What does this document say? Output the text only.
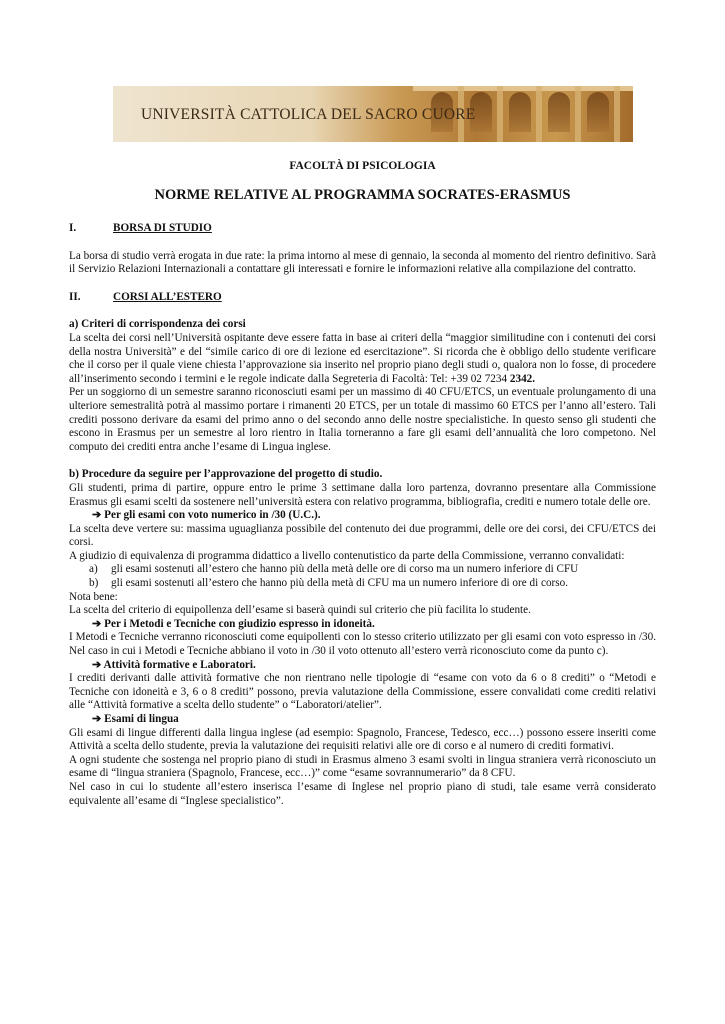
UNIVERSITÀ CATTOLICA DEL SACRO CUORE
FACOLTÀ DI PSICOLOGIA
NORME RELATIVE AL PROGRAMMA SOCRATES-ERASMUS
I.	BORSA DI STUDIO

La borsa di studio verrà erogata in due rate: la prima intorno al mese di gennaio, la seconda al momento del rientro definitivo. Sarà il Servizio Relazioni Internazionali a contattare gli interessati e fornire le informazioni relative alla compilazione del contratto.

II.	CORSI ALL’ESTERO
a) Criteri di corrispondenza dei corsi

La scelta dei corsi nell’Università ospitante deve essere fatta in base ai criteri della “maggior similitudine con i contenuti dei corsi della nostra Università” e del “simile carico di ore di lezione ed esercitazione”. Si ricorda che è obbligo dello studente verificare che il corso per il quale viene chiesta l’approvazione sia inserito nel proprio piano degli studi o, qualora non lo fosse, di procedere all’inserimento secondo i termini e le regole indicate dalla Segreteria di Facoltà: Tel: +39 02 7234 2342.

Per un soggiorno di un semestre saranno riconosciuti esami per un massimo di 40 CFU/ETCS, un eventuale prolungamento di una ulteriore semestralità potrà al massimo portare i rimanenti 20 ETCS, per un totale di massimo 60 ETCS per l’anno all’estero. Tali crediti possono derivare da esami del primo anno o del secondo anno delle nostre specialistiche. In questo senso gli studenti che escono in Erasmus per un semestre al loro rientro in Italia torneranno a fare gli esami dell’annualità che loro competono. Nel computo dei crediti entra anche l’esame di Lingua inglese.

b) Procedure da seguire per l’approvazione del progetto di studio.

Gli studenti, prima di partire, oppure entro le prime 3 settimane dalla loro partenza, dovranno presentare alla Commissione Erasmus gli esami scelti da sostenere nell’università estera con relativo programma, bibliografia, crediti e numero totale delle ore.

➔ Per gli esami con voto numerico in /30 (U.C.).

La scelta deve vertere su: massima uguaglianza possibile del contenuto dei due programmi, delle ore dei corsi, dei CFU/ETCS dei corsi.

A giudizio di equivalenza di programma didattico a livello contenutistico da parte della Commissione, verranno convalidati:

a)	gli esami sostenuti all’estero che hanno più della metà delle ore di corso ma un numero inferiore di CFU
b)	gli esami sostenuti all’estero che hanno più della metà di CFU ma un numero inferiore di ore di corso.

Nota bene:

La scelta del criterio di equipollenza dell’esame si baserà quindi sul criterio che più facilita lo studente.

➔ Per i Metodi e Tecniche con giudizio espresso in idoneità.

I Metodi e Tecniche verranno riconosciuti come equipollenti con lo stesso criterio utilizzato per gli esami con voto espresso in /30. Nel caso in cui i Metodi e Tecniche abbiano il voto in /30 il voto ottenuto all’estero verrà riconosciuto come da punto c).

➔ Attività formative e Laboratori.

I crediti derivanti dalle attività formative che non rientrano nelle tipologie di “esame con voto da 6 o 8 crediti” o “Metodi e Tecniche con idoneità e 3, 6 o 8 crediti” possono, previa valutazione della Commissione, essere convalidati come crediti relativi alle “Attività formative a scelta dello studente” o “Laboratori/atelier”.

➔ Esami di lingua

Gli esami di lingue differenti dalla lingua inglese (ad esempio: Spagnolo, Francese, Tedesco, ecc…) possono essere inseriti come Attività a scelta dello studente, previa la valutazione dei requisiti relativi alle ore di corso e al numero di crediti formativi.

A ogni studente che sostenga nel proprio piano di studi in Erasmus almeno 3 esami svolti in lingua straniera verrà riconosciuto un esame di “lingua straniera (Spagnolo, Francese, ecc…)” come “esame sovrannumerario” da 8 CFU.

Nel caso in cui lo studente all’estero inserisca l’esame di Inglese nel proprio piano di studi, tale esame verrà considerato equivalente all’esame di “Inglese specialistico”.
